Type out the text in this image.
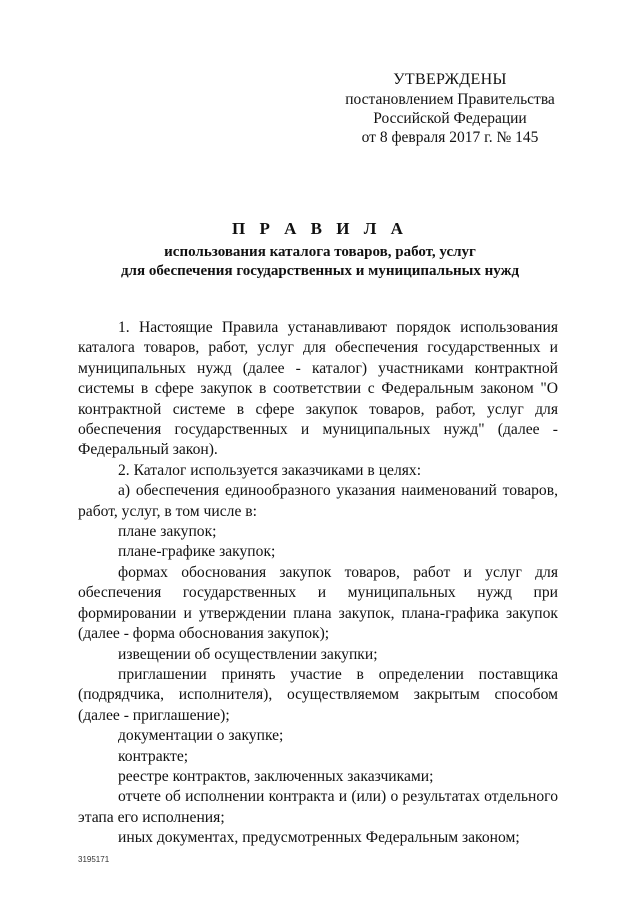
УТВЕРЖДЕНЫ
постановлением Правительства
Российской Федерации
от 8 февраля 2017 г. № 145
П Р А В И Л А
использования каталога товаров, работ, услуг
для обеспечения государственных и муниципальных нужд

1. Настоящие Правила устанавливают порядок использования каталога товаров, работ, услуг для обеспечения государственных и муниципальных нужд (далее - каталог) участниками контрактной системы в сфере закупок в соответствии с Федеральным законом "О контрактной системе в сфере закупок товаров, работ, услуг для обеспечения государственных и муниципальных нужд" (далее - Федеральный закон).

2. Каталог используется заказчиками в целях:

а) обеспечения единообразного указания наименований товаров, работ, услуг, в том числе в:

плане закупок;

плане-графике закупок;

формах обоснования закупок товаров, работ и услуг для обеспечения государственных и муниципальных нужд при формировании и утверждении плана закупок, плана-графика закупок (далее - форма обоснования закупок);

извещении об осуществлении закупки;

приглашении принять участие в определении поставщика (подрядчика, исполнителя), осуществляемом закрытым способом (далее - приглашение);

документации о закупке;

контракте;

реестре контрактов, заключенных заказчиками;

отчете об исполнении контракта и (или) о результатах отдельного этапа его исполнения;

иных документах, предусмотренных Федеральным законом;

3195171
